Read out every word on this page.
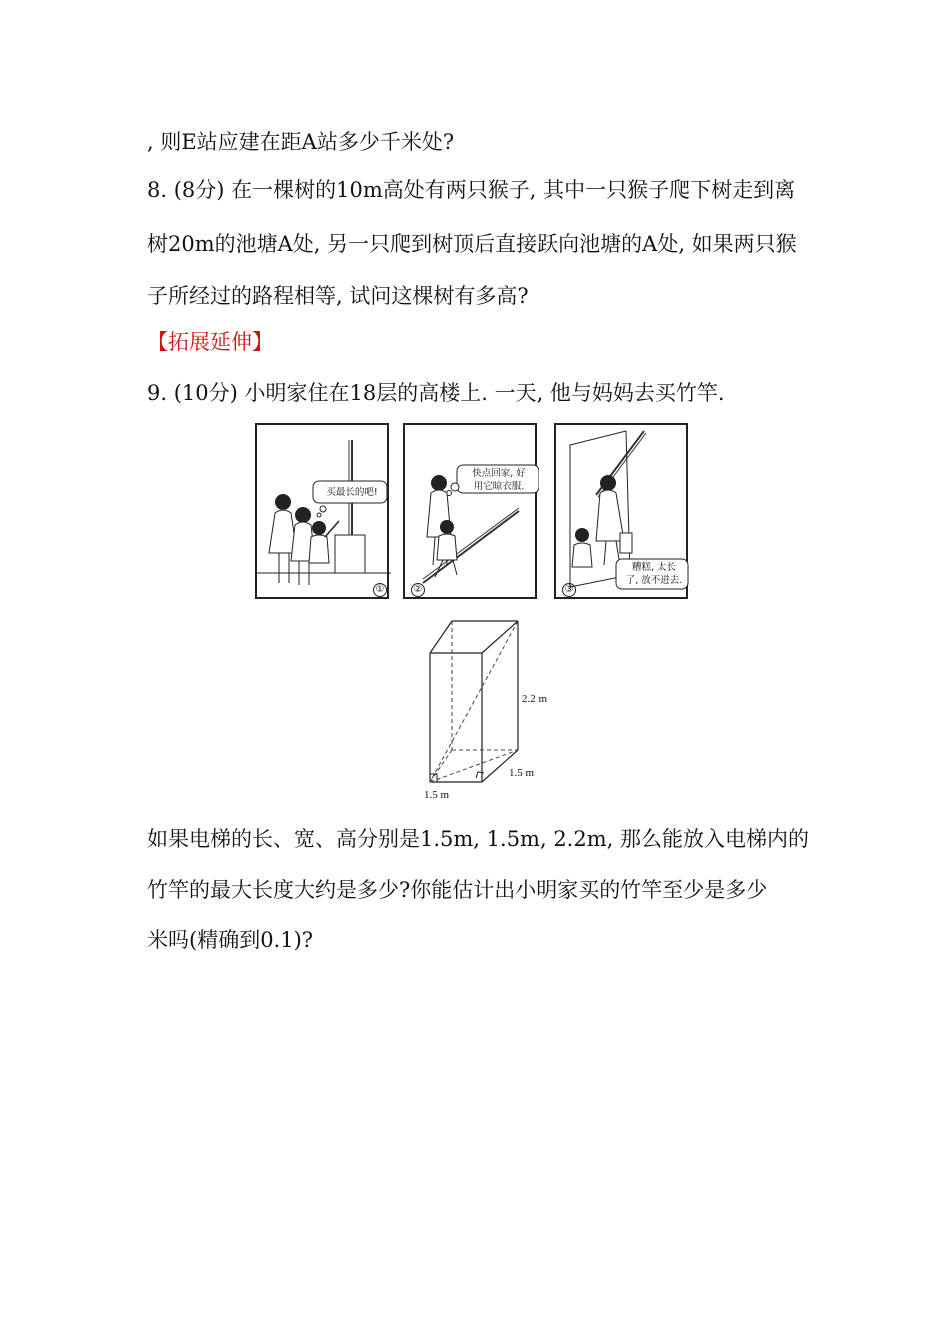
, 则E站应建在距A站多少千米处?
8. (8分) 在一棵树的10m高处有两只猴子, 其中一只猴子爬下树走到离
树20m的池塘A处, 另一只爬到树顶后直接跃向池塘的A处, 如果两只猴
子所经过的路程相等, 试问这棵树有多高?
【拓展延伸】
9. (10分) 小明家住在18层的高楼上. 一天, 他与妈妈去买竹竿.
买最长的吧!
①
快点回家, 好
用它晾衣服.
②
糟糕, 太长
了, 放不进去.
③
2.2 m
1.5 m
1.5 m
如果电梯的长、宽、高分别是1.5m, 1.5m, 2.2m, 那么能放入电梯内的
竹竿的最大长度大约是多少?你能估计出小明家买的竹竿至少是多少
米吗(精确到0.1)?
